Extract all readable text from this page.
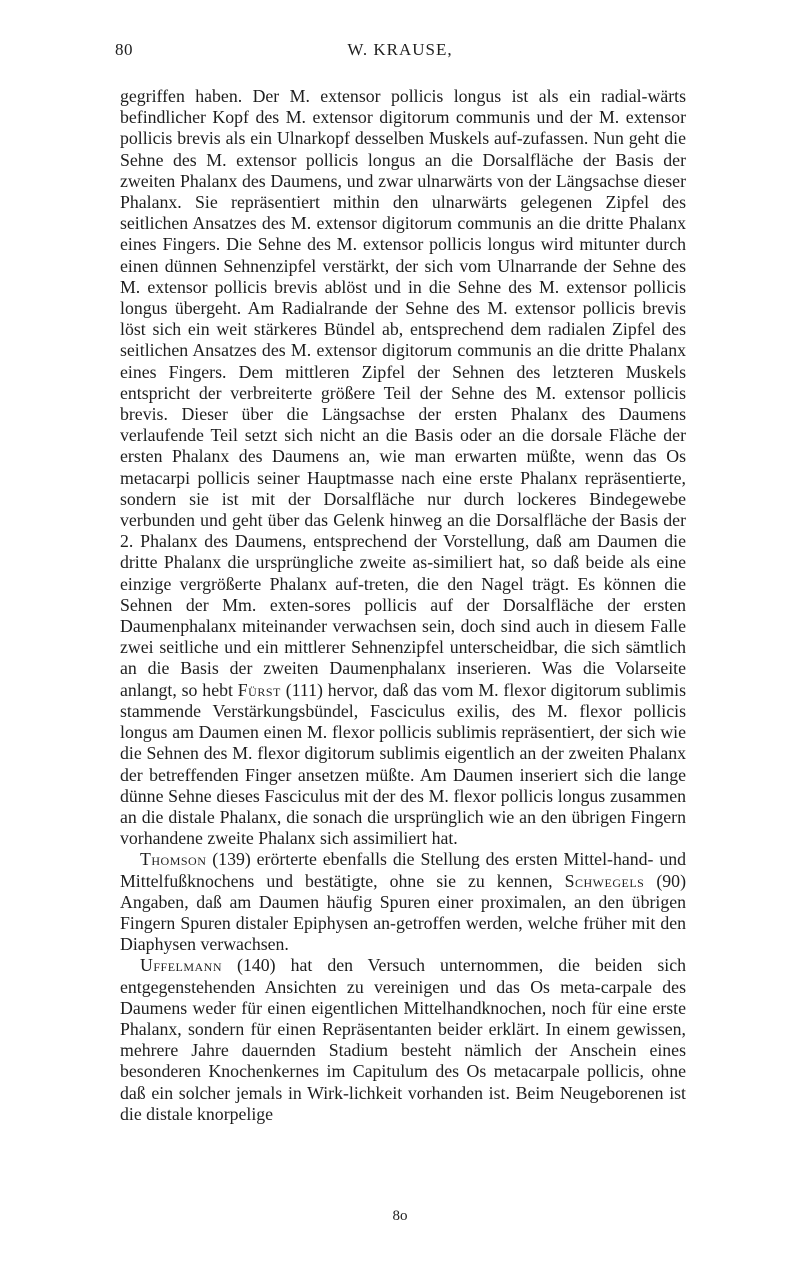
80	W. KRAUSE,

gegriffen haben. Der M. extensor pollicis longus ist als ein radial-wärts befindlicher Kopf des M. extensor digitorum communis und der M. extensor pollicis brevis als ein Ulnarkopf desselben Muskels auf-zufassen. Nun geht die Sehne des M. extensor pollicis longus an die Dorsalfläche der Basis der zweiten Phalanx des Daumens, und zwar ulnarwärts von der Längsachse dieser Phalanx. Sie repräsentiert mithin den ulnarwärts gelegenen Zipfel des seitlichen Ansatzes des M. extensor digitorum communis an die dritte Phalanx eines Fingers. Die Sehne des M. extensor pollicis longus wird mitunter durch einen dünnen Sehnenzipfel verstärkt, der sich vom Ulnarrande der Sehne des M. extensor pollicis brevis ablöst und in die Sehne des M. extensor pollicis longus übergeht. Am Radialrande der Sehne des M. extensor pollicis brevis löst sich ein weit stärkeres Bündel ab, entsprechend dem radialen Zipfel des seitlichen Ansatzes des M. extensor digitorum communis an die dritte Phalanx eines Fingers. Dem mittleren Zipfel der Sehnen des letzteren Muskels entspricht der verbreiterte größere Teil der Sehne des M. extensor pollicis brevis. Dieser über die Längsachse der ersten Phalanx des Daumens verlaufende Teil setzt sich nicht an die Basis oder an die dorsale Fläche der ersten Phalanx des Daumens an, wie man erwarten müßte, wenn das Os metacarpi pollicis seiner Hauptmasse nach eine erste Phalanx repräsentierte, sondern sie ist mit der Dorsalfläche nur durch lockeres Bindegewebe verbunden und geht über das Gelenk hinweg an die Dorsalfläche der Basis der 2. Phalanx des Daumens, entsprechend der Vorstellung, daß am Daumen die dritte Phalanx die ursprüngliche zweite as-similiert hat, so daß beide als eine einzige vergrößerte Phalanx auf-treten, die den Nagel trägt. Es können die Sehnen der Mm. exten-sores pollicis auf der Dorsalfläche der ersten Daumenphalanx miteinander verwachsen sein, doch sind auch in diesem Falle zwei seitliche und ein mittlerer Sehnenzipfel unterscheidbar, die sich sämtlich an die Basis der zweiten Daumenphalanx inserieren. Was die Volarseite anlangt, so hebt Fürst (111) hervor, daß das vom M. flexor digitorum sublimis stammende Verstärkungsbündel, Fasciculus exilis, des M. flexor pollicis longus am Daumen einen M. flexor pollicis sublimis repräsentiert, der sich wie die Sehnen des M. flexor digitorum sublimis eigentlich an der zweiten Phalanx der betreffenden Finger ansetzen müßte. Am Daumen inseriert sich die lange dünne Sehne dieses Fasciculus mit der des M. flexor pollicis longus zusammen an die distale Phalanx, die sonach die ursprünglich wie an den übrigen Fingern vorhandene zweite Phalanx sich assimiliert hat.

Thomson (139) erörterte ebenfalls die Stellung des ersten Mittel-hand- und Mittelfußknochens und bestätigte, ohne sie zu kennen, Schwegels (90) Angaben, daß am Daumen häufig Spuren einer proximalen, an den übrigen Fingern Spuren distaler Epiphysen an-getroffen werden, welche früher mit den Diaphysen verwachsen.

Uffelmann (140) hat den Versuch unternommen, die beiden sich entgegenstehenden Ansichten zu vereinigen und das Os meta-carpale des Daumens weder für einen eigentlichen Mittelhandknochen, noch für eine erste Phalanx, sondern für einen Repräsentanten beider erklärt. In einem gewissen, mehrere Jahre dauernden Stadium besteht nämlich der Anschein eines besonderen Knochenkernes im Capitulum des Os metacarpale pollicis, ohne daß ein solcher jemals in Wirk-lichkeit vorhanden ist. Beim Neugeborenen ist die distale knorpelige

8o
